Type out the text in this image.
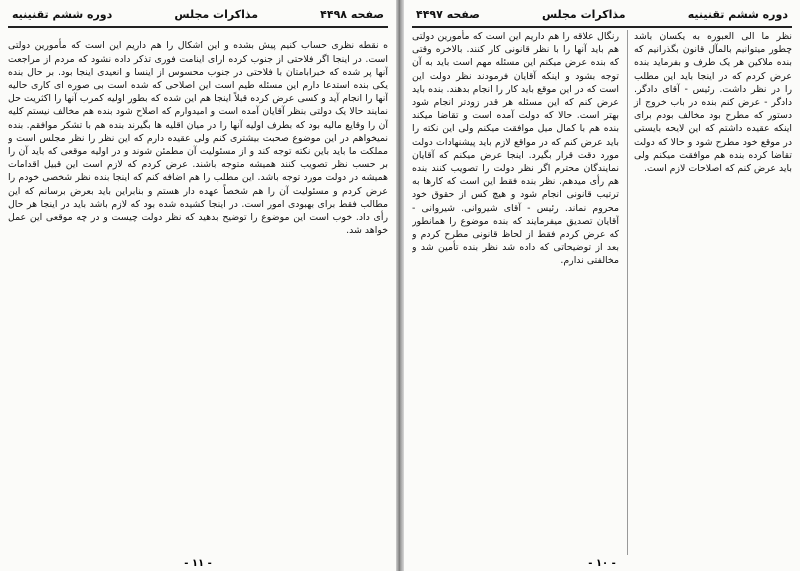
صفحه ۴۴۹۸
مذاکرات مجلس
دوره ششم تقنینیه

ه نقطه نظری حساب کنیم پیش بشده و این اشکال را هم داریم این است که مأمورین دولتی است. در اینجا اگر فلاحتی از جنوب کرده ارای اینامت فوری تذکر داده نشود که مردم از مراجعت آنها پر شده که خبرابامتان با فلاحتی در جنوب محسوس از اینسا و انعیدی اینجا بود. بر حال بنده یکی بنده استدعا دارم این مسئله طیم است این اصلاحی که شده است بی صوره ای کاری حالیه آنها را انجام آید و کسی عرض کرده قبلاً اینجا هم این شده که بطور اولیه کمرب آنها را اکثریت حل نمایند حالا یک دولتی بنظر آقایان آمده است و امیدوارم که اصلاح شود بنده هم مخالف نیستم کلیه آن را وقایع مالیه بود که بطرف اولیه آنها را در میان اقلیه ها بگیرند بنده هم با تشکر موافقم. بنده نمیخواهم در این موضوع صحبت بیشتری کنم ولی عقیده دارم که این نظر را نظر مجلس است و مملکت ما باید باین نکته توجه کند و از مسئولیت آن مطمئن شوند و در اولیه موقعی که باید آن را بر حسب نظر تصویب کنند همیشه متوجه باشند. عرض کردم که لازم است این قبیل اقدامات همیشه در دولت مورد توجه باشد. این مطلب را هم اضافه کنم که اینجا بنده نظر شخصی خودم را عرض کردم و مسئولیت آن را هم شخصاً عهده دار هستم و بنابراین باید بعرض برسانم که این مطالب فقط برای بهبودی امور است. در اینجا کشیده شده بود که لازم باشد باید در اینجا هر حال رأی داد. خوب است این موضوع را توضیح بدهید که نظر دولت چیست و در چه موقعی این عمل خواهد شد.

- ۱۱ -
دوره ششم تقنینیه
مذاکرات مجلس
صفحه ۴۴۹۷

نظر ما الی العبوره به یکسان باشد چطور میتوانیم بالمآل قانون بگذرانیم که بنده ملاکین هر یک طرف و بفرماید بنده عرض کردم که در اینجا باید این مطلب را در نظر داشت. رئیس - آقای دادگر. دادگر - عرض کنم بنده در باب خروج از دستور که مطرح بود مخالف بودم برای اینکه عقیده داشتم که این لایحه بایستی در موقع خود مطرح شود و حالا که دولت تقاضا کرده بنده هم موافقت میکنم ولی باید عرض کنم که اصلاحات لازم است.

رنگال علاقه را هم داریم این است که مأمورین دولتی هم باید آنها را با نظر قانونی کار کنند. بالاخره وقتی که بنده عرض میکنم این مسئله مهم است باید به آن توجه بشود و اینکه آقایان فرمودند نظر دولت این است که در این موقع باید کار را انجام بدهند. بنده باید عرض کنم که این مسئله هر قدر زودتر انجام شود بهتر است. حالا که دولت آمده است و تقاضا میکند بنده هم با کمال میل موافقت میکنم ولی این نکته را باید عرض کنم که در مواقع لازم باید پیشنهادات دولت مورد دقت قرار بگیرد. اینجا عرض میکنم که آقایان نمایندگان محترم اگر نظر دولت را تصویب کنند بنده هم رأی میدهم. نظر بنده فقط این است که کارها به ترتیب قانونی انجام شود و هیچ کس از حقوق خود محروم نماند. رئیس - آقای شیروانی. شیروانی - آقایان تصدیق میفرمایند که بنده موضوع را همانطور که عرض کردم فقط از لحاظ قانونی مطرح کردم و بعد از توضیحاتی که داده شد نظر بنده تأمین شد و مخالفتی ندارم.

- ۱۰ -
